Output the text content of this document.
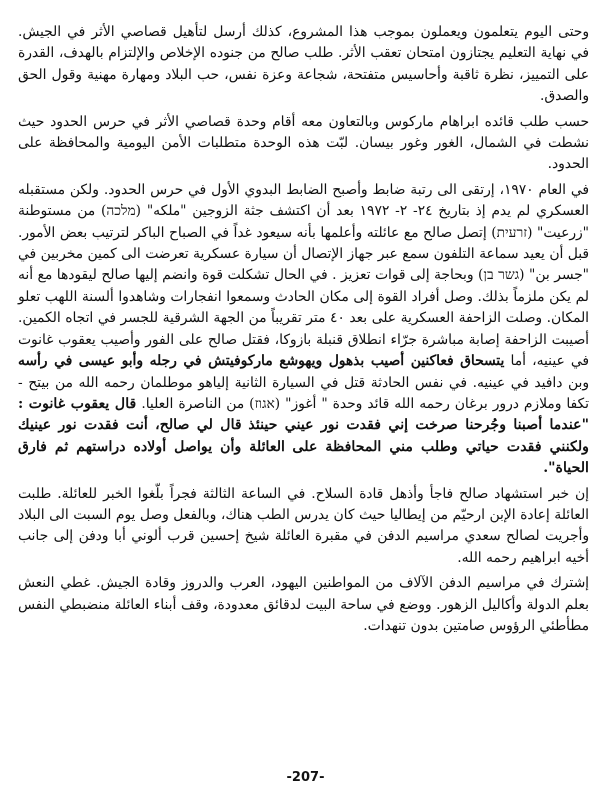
وحتى اليوم يتعلمون ويعملون بموجب هذا المشروع، كذلك أرسل لتأهيل قصاصي الأثر في الجيش. في نهاية التعليم يجتازون امتحان تعقب الأثر. طلب صالح من جنوده الإخلاص والإلتزام بالهدف، القدرة على التمييز، نظرة ثاقبة وأحاسيس متفتحة، شجاعة وعزة نفس، حب البلاد ومهارة مهنية وقول الحق والصدق.
حسب طلب قائده ابراهام ماركوس وبالتعاون معه أقام وحدة قصاصي الأثر في حرس الحدود حيث نشطت في الشمال، الغور وغور بيسان. لبّت هذه الوحدة متطلبات الأمن اليومية والمحافظة على الحدود.
في العام ١٩٧٠، إرتقى الى رتبة ضابط وأصبح الضابط البدوي الأول في حرس الحدود. ولكن مستقبله العسكري لم يدم إذ بتاريخ ٢٤- ٢- ١٩٧٢ بعد أن اكتشف جثة الزوجين "ملكه" (מלכה) من مستوطنة "زرعيت" (זרעית) إتصل صالح مع عائلته وأعلمها بأنه سيعود غداً في الصباح الباكر لترتيب بعض الأمور. قبل أن يعيد سماعة التلفون سمع عبر جهاز الإتصال أن سيارة عسكرية تعرضت الى كمين مخربين في "جسر بن" (גשר בן) وبحاجة إلى قوات تعزيز . في الحال تشكلت قوة وانضم إليها صالح ليقودها مع أنه لم يكن ملزماً بذلك. وصل أفراد القوة إلى مكان الحادث وسمعوا انفجارات وشاهدوا ألسنة اللهب تعلو المكان. وصلت الزاحفة العسكرية على بعد ٤٠ متر تقريباً من الجهة الشرقية للجسر في اتجاه الكمين. أصيبت الزاحفة إصابة مباشرة جرّاء انطلاق قنبلة بازوكا، فقتل صالح على الفور وأصيب يعقوب غانوت في عينيه، أما يتسحاق فعاكنين أصيب بذهول ويهوشع ماركوفيتش في رجله وأبو عيسى في رأسه وبن دافيد في عينيه. في نفس الحادثة قتل في السيارة الثانية إلياهو موطلمان رحمه الله من بيتح - تكفا وملازم درور برغان رحمه الله قائد وحدة " أغوز" (אגוז) من الناصرة العليا. قال يعقوب غانوت : "عندما أصبنا وجُرحنا صرخت إني فقدت نور عيني حينئذ قال لي صالح، أنت فقدت نور عينيك ولكنني فقدت حياتي وطلب مني المحافظة على العائلة وأن يواصل أولاده دراستهم ثم فارق الحياة".
إن خبر استشهاد صالح فاجأ وأذهل قادة السلاح. في الساعة الثالثة فجراً بلّغوا الخبر للعائلة. طلبت العائلة إعادة الإبن ارحيّم من إيطاليا حيث كان يدرس الطب هناك، وبالفعل وصل يوم السبت الى البلاد وأجريت لصالح سعدي مراسيم الدفن في مقبرة العائلة شيخ إحسين قرب ألوني أبا ودفن إلى جانب أخيه ابراهيم رحمه الله.
إشترك في مراسيم الدفن الآلاف من المواطنين اليهود، العرب والدروز وقادة الجيش. غطي النعش بعلم الدولة وأكاليل الزهور. ووضع في ساحة البيت لدقائق معدودة، وقف أبناء العائلة منضبطي النفس مطأطئي الرؤوس صامتين بدون تنهدات.
-207-
